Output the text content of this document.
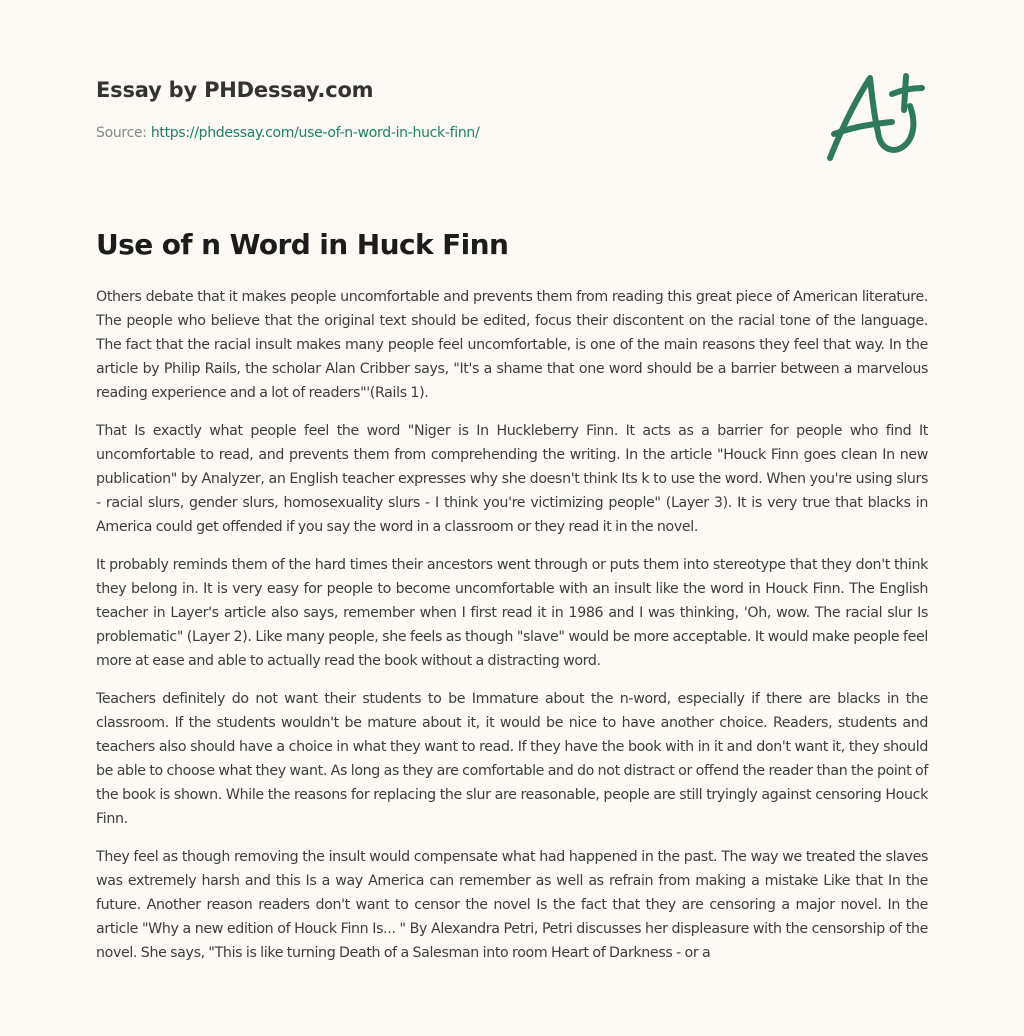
Essay by PHDessay.com
Source: https://phdessay.com/use-of-n-word-in-huck-finn/
Use of n Word in Huck Finn

Others debate that it makes people uncomfortable and prevents them from reading this great piece of American literature. The people who believe that the original text should be edited, focus their discontent on the racial tone of the language. The fact that the racial insult makes many people feel uncomfortable, is one of the main reasons they feel that way. In the article by Philip Rails, the scholar Alan Cribber says, "It's a shame that one word should be a barrier between a marvelous reading experience and a lot of readers"'(Rails 1).

That Is exactly what people feel the word "Niger is In Huckleberry Finn. It acts as a barrier for people who find It uncomfortable to read, and prevents them from comprehending the writing. In the article "Houck Finn goes clean In new publication" by Analyzer, an English teacher expresses why she doesn't think Its k to use the word. When you're using slurs - racial slurs, gender slurs, homosexuality slurs - I think you're victimizing people" (Layer 3). It is very true that blacks in America could get offended if you say the word in a classroom or they read it in the novel.

It probably reminds them of the hard times their ancestors went through or puts them into stereotype that they don't think they belong in. It is very easy for people to become uncomfortable with an insult like the word in Houck Finn. The English teacher in Layer's article also says, remember when I first read it in 1986 and I was thinking, 'Oh, wow. The racial slur Is problematic" (Layer 2). Like many people, she feels as though "slave" would be more acceptable. It would make people feel more at ease and able to actually read the book without a distracting word.

Teachers definitely do not want their students to be Immature about the n-word, especially if there are blacks in the classroom. If the students wouldn't be mature about it, it would be nice to have another choice. Readers, students and teachers also should have a choice in what they want to read. If they have the book with in it and don't want it, they should be able to choose what they want. As long as they are comfortable and do not distract or offend the reader than the point of the book is shown. While the reasons for replacing the slur are reasonable, people are still tryingly against censoring Houck Finn.

They feel as though removing the insult would compensate what had happened in the past. The way we treated the slaves was extremely harsh and this Is a way America can remember as well as refrain from making a mistake Like that In the future. Another reason readers don't want to censor the novel Is the fact that they are censoring a major novel. In the article "Why a new edition of Houck Finn Is... " By Alexandra Petri, Petri discusses her displeasure with the censorship of the novel. She says, "This is like turning Death of a Salesman into room Heart of Darkness - or a
